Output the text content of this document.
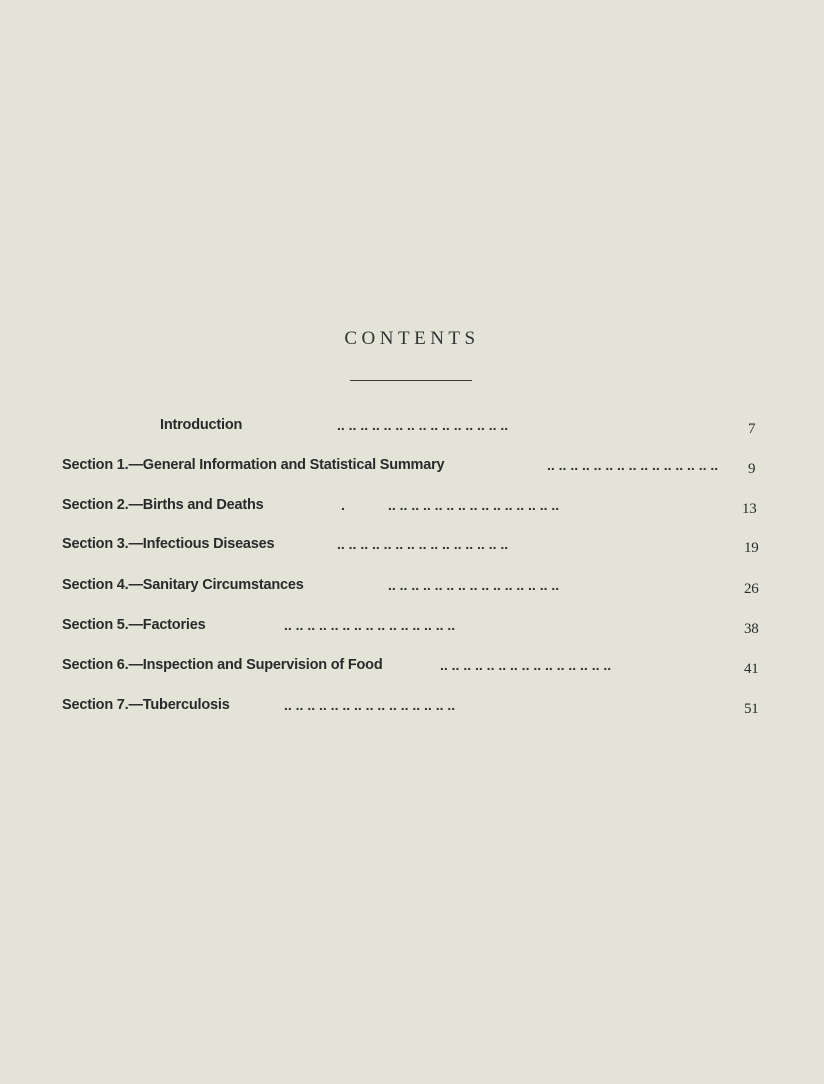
CONTENTS
Introduction	.. .. .. .. .. .. .. .. .. .. .. .. .. .. ..	7
Section 1.—General Information and Statistical Summary	.. .. .. .. .. .. .. .. .. .. .. .. .. .. .. 9
Section 2.—Births and Deaths	.	.. .. .. .. .. .. .. .. .. .. .. .. .. .. ..	13
Section 3.—Infectious Diseases	.. .. .. .. .. .. .. .. .. .. .. .. .. .. ..	19
Section 4.—Sanitary Circumstances	.. .. .. .. .. .. .. .. .. .. .. .. .. .. ..	26
Section 5.—Factories	.. .. .. .. .. .. .. .. .. .. .. .. .. .. ..	38
Section 6.—Inspection and Supervision of Food	.. .. .. .. .. .. .. .. .. .. .. .. .. .. ..	41
Section 7.—Tuberculosis	.. .. .. .. .. .. .. .. .. .. .. .. .. .. ..	51
